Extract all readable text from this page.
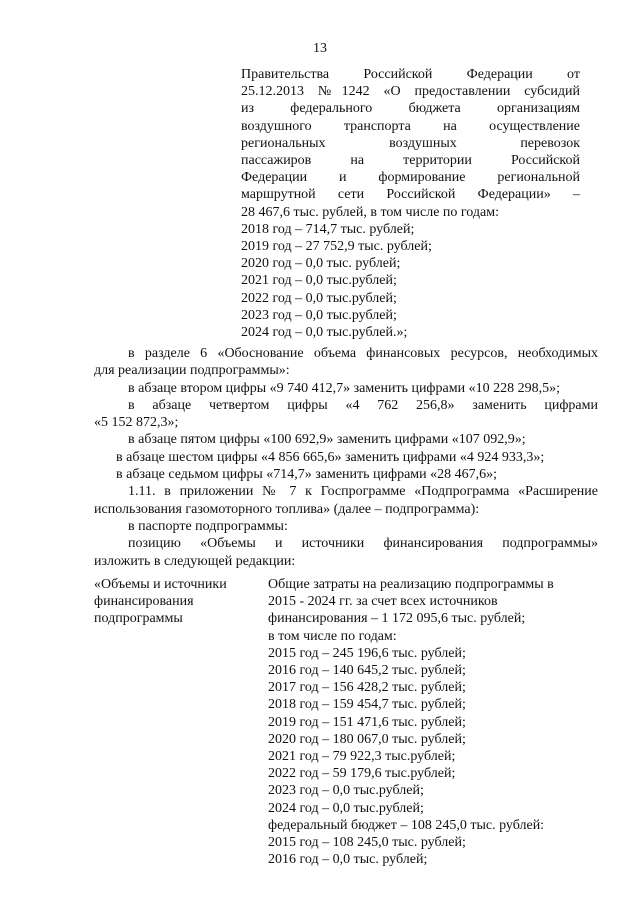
13
Правительства Российской Федерации от
25.12.2013 №1242 «О предоставлении субсидий
из федерального бюджета организациям
воздушного транспорта на осуществление
региональных воздушных перевозок
пассажиров на территории Российской
Федерации и формирование региональной
маршрутной сети Российской Федерации» –
28 467,6 тыс. рублей, в том числе по годам:
2018 год – 714,7 тыс. рублей;
2019 год – 27 752,9 тыс. рублей;
2020 год – 0,0 тыс. рублей;
2021 год – 0,0 тыс.рублей;
2022 год – 0,0 тыс.рублей;
2023 год – 0,0 тыс.рублей;
2024 год – 0,0 тыс.рублей.»;
в разделе 6 «Обоснование объема финансовых ресурсов, необходимых
для реализации подпрограммы»:
в абзаце втором цифры «9 740 412,7» заменить цифрами «10 228 298,5»;
в абзаце четвертом цифры «4 762 256,8» заменить цифрами
«5 152 872,3»;
в абзаце пятом цифры «100 692,9» заменить цифрами «107 092,9»;
в абзаце шестом цифры «4 856 665,6» заменить цифрами «4 924 933,3»;
в абзаце седьмом цифры «714,7» заменить цифрами «28 467,6»;
1.11. в приложении № 7 к Госпрограмме «Подпрограмма «Расширение
использования газомоторного топлива» (далее – подпрограмма):
в паспорте подпрограммы:
позицию «Объемы и источники финансирования подпрограммы»
изложить в следующей редакции:
«Объемы и источники
финансирования
подпрограммы
Общие затраты на реализацию подпрограммы в
2015 - 2024 гг. за счет всех источников
финансирования – 1 172 095,6 тыс. рублей;
в том числе по годам:
2015 год – 245 196,6 тыс. рублей;
2016 год – 140 645,2 тыс. рублей;
2017 год – 156 428,2 тыс. рублей;
2018 год – 159 454,7 тыс. рублей;
2019 год – 151 471,6 тыс. рублей;
2020 год – 180 067,0 тыс. рублей;
2021 год – 79 922,3 тыс.рублей;
2022 год – 59 179,6 тыс.рублей;
2023 год – 0,0 тыс.рублей;
2024 год – 0,0 тыс.рублей;
федеральный бюджет – 108 245,0 тыс. рублей:
2015 год – 108 245,0 тыс. рублей;
2016 год – 0,0 тыс. рублей;
